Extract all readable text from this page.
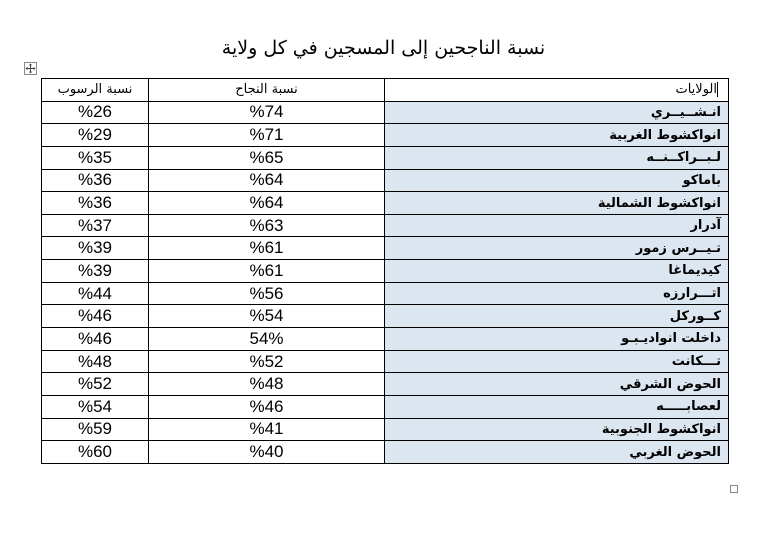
نسبة الناجحين إلى المسجين في كل ولاية
نسبة الرسوب	نسبة النجاح	الولايات
%26	%74	انـشــيــري
%29	%71	انواكشوط الغربية
%35	%65	لـبــراكــنــه
%36	%64	باماكو
%36	%64	انواكشوط الشمالية
%37	%63	آدرار
%39	%61	تـيــرس زمور
%39	%61	كيديماغا
%44	%56	اتـــرارزه
%46	%54	كــوركل
%46	54%	داخلت انواديـبـو
%48	%52	تـــكانت
%52	%48	الحوض الشرقي
%54	%46	لعصابـــــه
%59	%41	انواكشوط الجنوبية
%60	%40	الحوض الغربي
